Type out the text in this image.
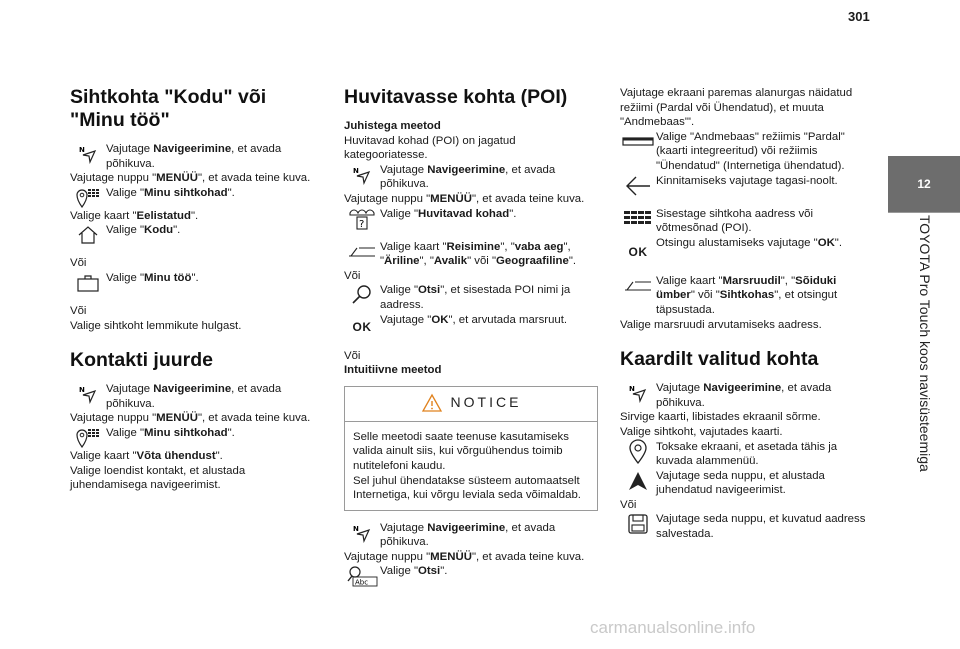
301
12
TOYOTA Pro Touch koos navisüsteemiga
Sihtkohta "Kodu" või "Minu töö"
N Vajutage Navigeerimine, et avada põhikuva.

Vajutage nuppu "MENÜÜ", et avada teine kuva.

Valige "Minu sihtkohad".

Valige kaart "Eelistatud".

Valige "Kodu".

Või

Valige "Minu töö".

Või

Valige sihtkoht lemmikute hulgast.

Kontakti juurde
N Vajutage Navigeerimine, et avada põhikuva.

Vajutage nuppu "MENÜÜ", et avada teine kuva.

Valige "Minu sihtkohad".

Valige kaart "Võta ühendust".

Valige loendist kontakt, et alustada juhendamisega navigeerimist.

Huvitavasse kohta (POI)

Juhistega meetod

Huvitavad kohad (POI) on jagatud kategooriatesse.

N Vajutage Navigeerimine, et avada põhikuva.

Vajutage nuppu "MENÜÜ", et avada teine kuva.

?

Valige "Huvitavad kohad".

Valige kaart "Reisimine", "vaba aeg", "Äriline", "Avalik" või "Geograafiline".

Või

Valige "Otsi", et sisestada POI nimi ja aadress.

OK

Vajutage "OK", et arvutada marsruut.

Või

Intuitiivne meetod

NOTICE

Selle meetodi saate teenuse kasutamiseks valida ainult siis, kui võrguühendus toimib nutitelefoni kaudu.

Sel juhul ühendatakse süsteem automaatselt Internetiga, kui võrgu leviala seda võimaldab.

N Vajutage Navigeerimine, et avada põhikuva.

Vajutage nuppu "MENÜÜ", et avada teine kuva.

Abc

Valige "Otsi".

Vajutage ekraani paremas alanurgas näidatud režiimi (Pardal või Ühendatud), et muuta "Andmebaas"'.

Valige "Andmebaas" režiimis "Pardal" (kaarti integreeritud) või režiimis "Ühendatud" (Internetiga ühendatud).

Kinnitamiseks vajutage tagasi-noolt.

Sisestage sihtkoha aadress või võtmesõnad (POI).

OK

Otsingu alustamiseks vajutage "OK".

Valige kaart "Marsruudil", "Sõiduki ümber" või "Sihtkohas", et otsingut täpsustada.

Valige marsruudi arvutamiseks aadress.

Kaardilt valitud kohta
N Vajutage Navigeerimine, et avada põhikuva.

Sirvige kaarti, libistades ekraanil sõrme.

Valige sihtkoht, vajutades kaarti.

Toksake ekraani, et asetada tähis ja kuvada alammenüü.

Vajutage seda nuppu, et alustada juhendatud navigeerimist.

Või

Vajutage seda nuppu, et kuvatud aadress salvestada.

carmanualsonline.info
